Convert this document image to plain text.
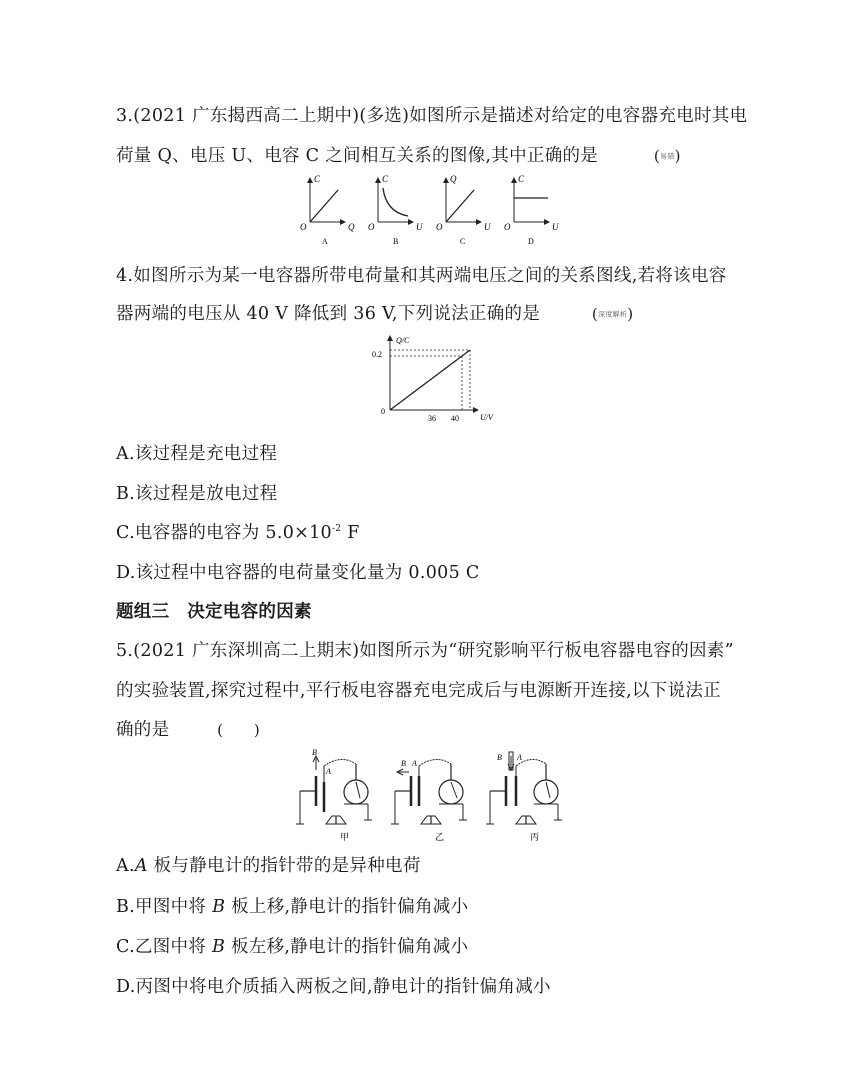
3.(2021 广东揭西高二上期中)(多选)如图所示是描述对给定的电容器充电时其电
荷量 Q、电压 U、电容 C 之间相互关系的图像,其中正确的是	(易错)
C
Q
O
A
C
U
O
B
Q
U
O
C
C
U
O
D
4.如图所示为某一电容器所带电荷量和其两端电压之间的关系图线,若将该电容
器两端的电压从 40 V 降低到 36 V,下列说法正确的是	(深度解析)
Q/C
U/V
0
0.2
36 40
A.该过程是充电过程
B.该过程是放电过程
C.电容器的电容为 $5.0\times 10^{-2}$ F
D.该过程中电容器的电荷量变化量为 0.005 C
题组三　决定电容的因素
5.(2021 广东深圳高二上期末)如图所示为“研究影响平行板电容器电容的因素”
的实验装置,探究过程中,平行板电容器充电完成后与电源断开连接,以下说法正
确的是	(　　)
B
A
甲
B A
乙
B A
丙
A.A 板与静电计的指针带的是异种电荷
B.甲图中将 B 板上移,静电计的指针偏角减小
C.乙图中将 B 板左移,静电计的指针偏角减小
D.丙图中将电介质插入两板之间,静电计的指针偏角减小
